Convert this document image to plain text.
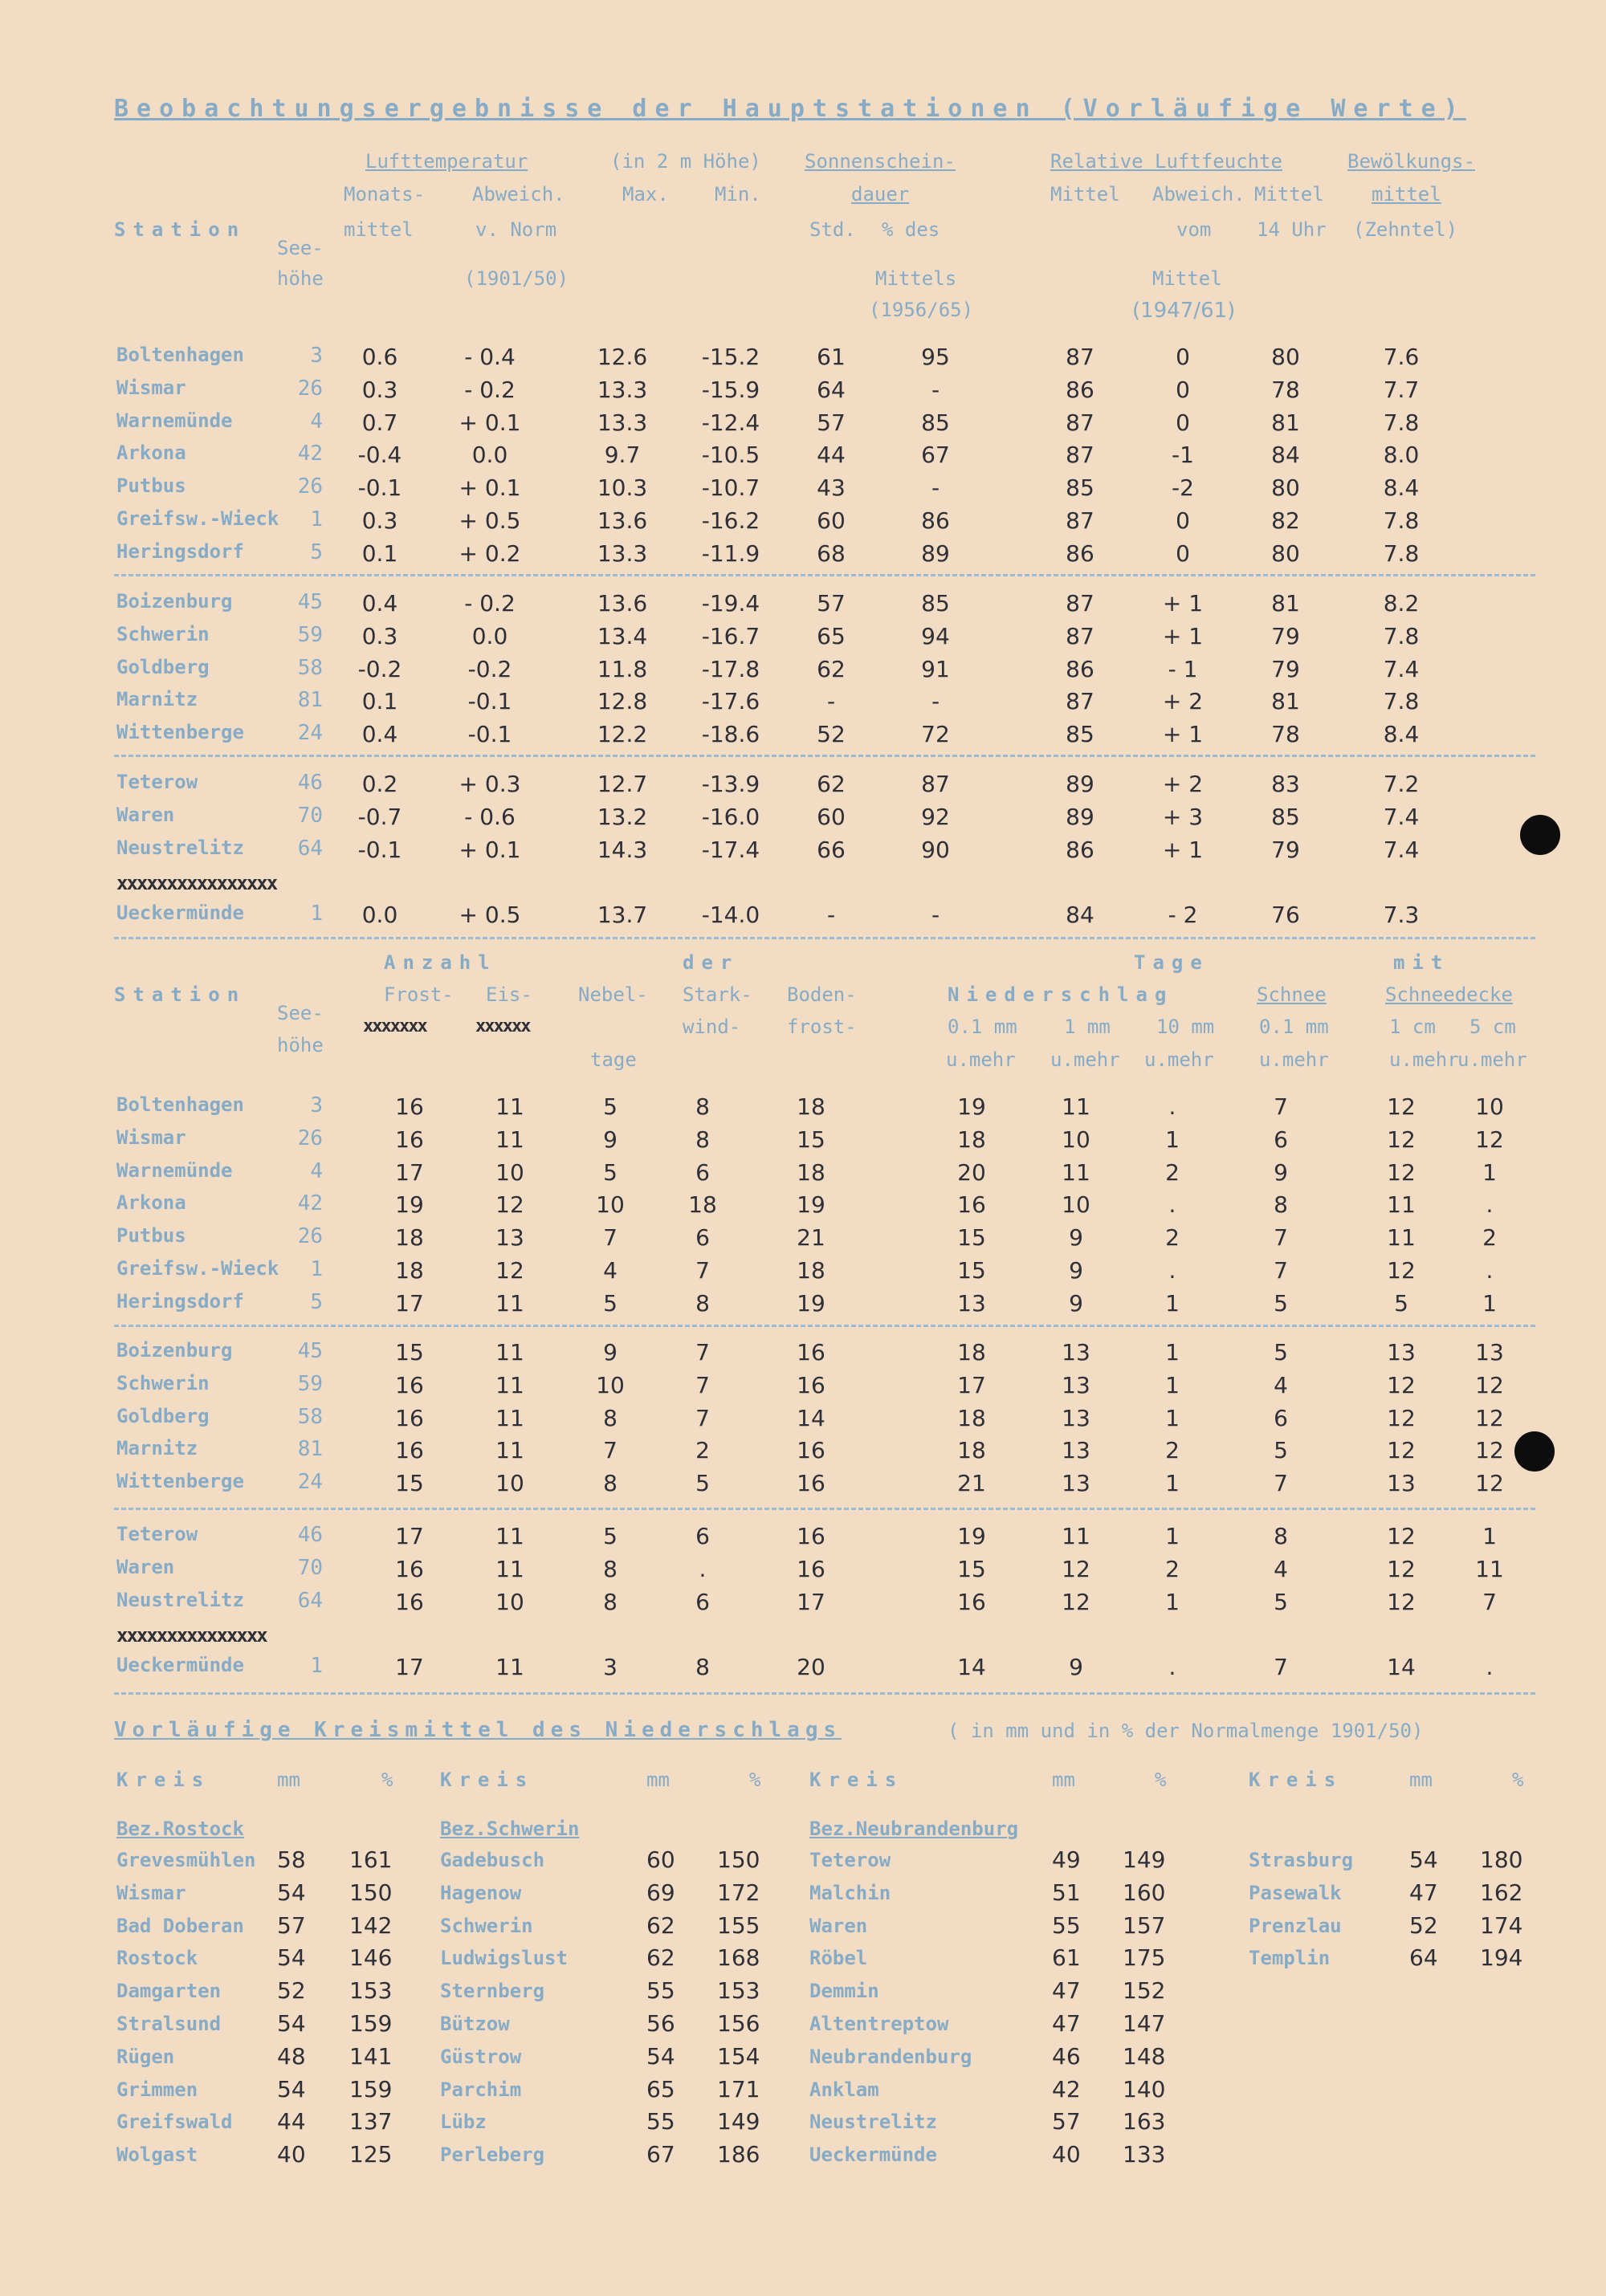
Beobachtungsergebnisse der Hauptstationen (Vorläufige Werte)
Lufttemperatur	(in 2 m Höhe) Sonnenschein-	Relative Luftfeuchte	Bewölkungs-
Monats- Abweich.	Max. Min.	dauer	Mittel Abweich. Mittel mittel
Station	mittel	v. Norm	Std. % des	vom 14 Uhr (Zehntel)
See-
höhe	(1901/50)	Mittels	Mittel
(1956/65)	(1947/61)
Boltenhagen	3	0.6	- 0.4	12.6	-15.2	61	95	87	0	80	7.6
Wismar	26	0.3	- 0.2	13.3	-15.9	64	-	86	0	78	7.7
Warnemünde	4	0.7	+ 0.1	13.3	-12.4	57	85	87	0	81	7.8
Arkona	42	-0.4	0.0	9.7	-10.5	44	67	87	-1	84	8.0
Putbus	26	-0.1	+ 0.1	10.3	-10.7	43	-	85	-2	80	8.4
Greifsw.-Wieck	1	0.3	+ 0.5	13.6	-16.2	60	86	87	0	82	7.8
Heringsdorf	5	0.1	+ 0.2	13.3	-11.9	68	89	86	0	80	7.8
Boizenburg	45	0.4	- 0.2	13.6	-19.4	57	85	87	+ 1	81	8.2
Schwerin	59	0.3	0.0	13.4	-16.7	65	94	87	+ 1	79	7.8
Goldberg	58	-0.2	-0.2	11.8	-17.8	62	91	86	- 1	79	7.4
Marnitz	81	0.1	-0.1	12.8	-17.6	-	-	87	+ 2	81	7.8
Wittenberge	24	0.4	-0.1	12.2	-18.6	52	72	85	+ 1	78	8.4
Teterow	46	0.2	+ 0.3	12.7	-13.9	62	87	89	+ 2	83	7.2
Waren	70	-0.7	- 0.6	13.2	-16.0	60	92	89	+ 3	85	7.4
Neustrelitz	64	-0.1	+ 0.1	14.3	-17.4	66	90	86	+ 1	79	7.4
xxxxxxxxxxxxxxxx
Ueckermünde	1	0.0	+ 0.5	13.7	-14.0	-	-	84	- 2	76	7.3
Anzahl	der	Tage	mit
Station	Frost- Eis- Nebel- Stark- Boden-	Niederschlag	Schnee	Schneedecke
See-
xxxxxxx	xxxxxx	wind- frost-	0.1 mm 1 mm 10 mm 0.1 mm	1 cm 5 cm
höhe
tage	u.mehr u.mehr u.mehr u.mehr	u.mehr
u.mehr
Boltenhagen	3	16	11	5	8	18	19	11	.	7	12	10
Wismar	26	16	11	9	8	15	18	10	1	6	12	12
Warnemünde	4	17	10	5	6	18	20	11	2	9	12	1
Arkona	42	19	12	10	18	19	16	10	.	8	11	.
Putbus	26	18	13	7	6	21	15	9	2	7	11	2
Greifsw.-Wieck	1	18	12	4	7	18	15	9	.	7	12	.
Heringsdorf	5	17	11	5	8	19	13	9	1	5	5	1
Boizenburg	45	15	11	9	7	16	18	13	1	5	13	13
Schwerin	59	16	11	10	7	16	17	13	1	4	12	12
Goldberg	58	16	11	8	7	14	18	13	1	6	12	12
Marnitz	81	16	11	7	2	16	18	13	2	5	12	12
Wittenberge	24	15	10	8	5	16	21	13	1	7	13	12
Teterow	46	17	11	5	6	16	19	11	1	8	12	1
Waren	70	16	11	8	.	16	15	12	2	4	12	11
Neustrelitz	64	16	10	8	6	17	16	12	1	5	12	7
xxxxxxxxxxxxxxx
Ueckermünde	1	17	11	3	8	20	14	9	.	7	14	.
Vorläufige Kreismittel des Niederschlags	( in mm und in % der Normalmenge 1901/50)
Kreis	mm	%
Bez.Rostock
Grevesmühlen 58 161
Wismar	54 150
Bad Doberan 57 142
Rostock	54 146
Damgarten 52 153
Stralsund 54 159
Rügen	48 141
Grimmen	54 159
Greifswald 44 137
Wolgast	40 125
Kreis	mm	%
Bez.Schwerin
Gadebusch	60 150
Hagenow	69 172
Schwerin	62 155
Ludwigslust	62 168
Sternberg	55 153
Bützow	56 156
Güstrow	54 154
Parchim	65 171
Lübz	55 149
Perleberg	67 186
Kreis	mm	%
Bez.Neubrandenburg
Teterow	49 149
Malchin	51 160
Waren	55 157
Röbel	61 175
Demmin	47 152
Altentreptow	47 147
Neubrandenburg	46 148
Anklam	42 140
Neustrelitz	57 163
Ueckermünde	40 133
Kreis	mm	%
Strasburg 54 180
Pasewalk	47 162
Prenzlau	52 174
Templin	64 194
